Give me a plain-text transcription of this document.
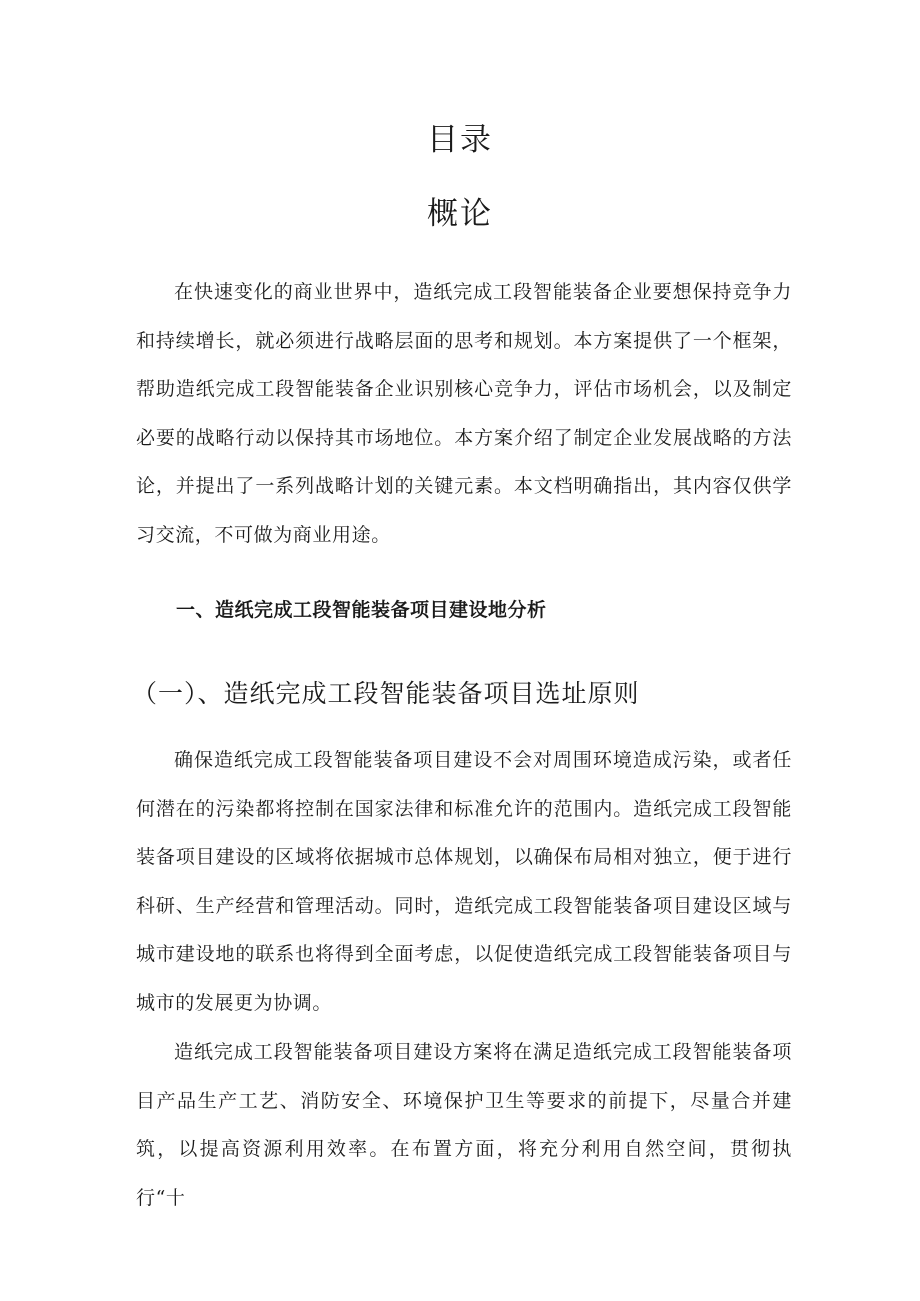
目录
概论

在快速变化的商业世界中，造纸完成工段智能装备企业要想保持竞争力和持续增长，就必须进行战略层面的思考和规划。本方案提供了一个框架，帮助造纸完成工段智能装备企业识别核心竞争力，评估市场机会，以及制定必要的战略行动以保持其市场地位。本方案介绍了制定企业发展战略的方法论，并提出了一系列战略计划的关键元素。本文档明确指出，其内容仅供学习交流，不可做为商业用途。

一、造纸完成工段智能装备项目建设地分析
（一）、造纸完成工段智能装备项目选址原则

确保造纸完成工段智能装备项目建设不会对周围环境造成污染，或者任何潜在的污染都将控制在国家法律和标准允许的范围内。造纸完成工段智能装备项目建设的区域将依据城市总体规划，以确保布局相对独立，便于进行科研、生产经营和管理活动。同时，造纸完成工段智能装备项目建设区域与城市建设地的联系也将得到全面考虑，以促使造纸完成工段智能装备项目与城市的发展更为协调。

造纸完成工段智能装备项目建设方案将在满足造纸完成工段智能装备项目产品生产工艺、消防安全、环境保护卫生等要求的前提下，尽量合并建筑，以提高资源利用效率。在布置方面，将充分利用自然空间，贯彻执行“十
